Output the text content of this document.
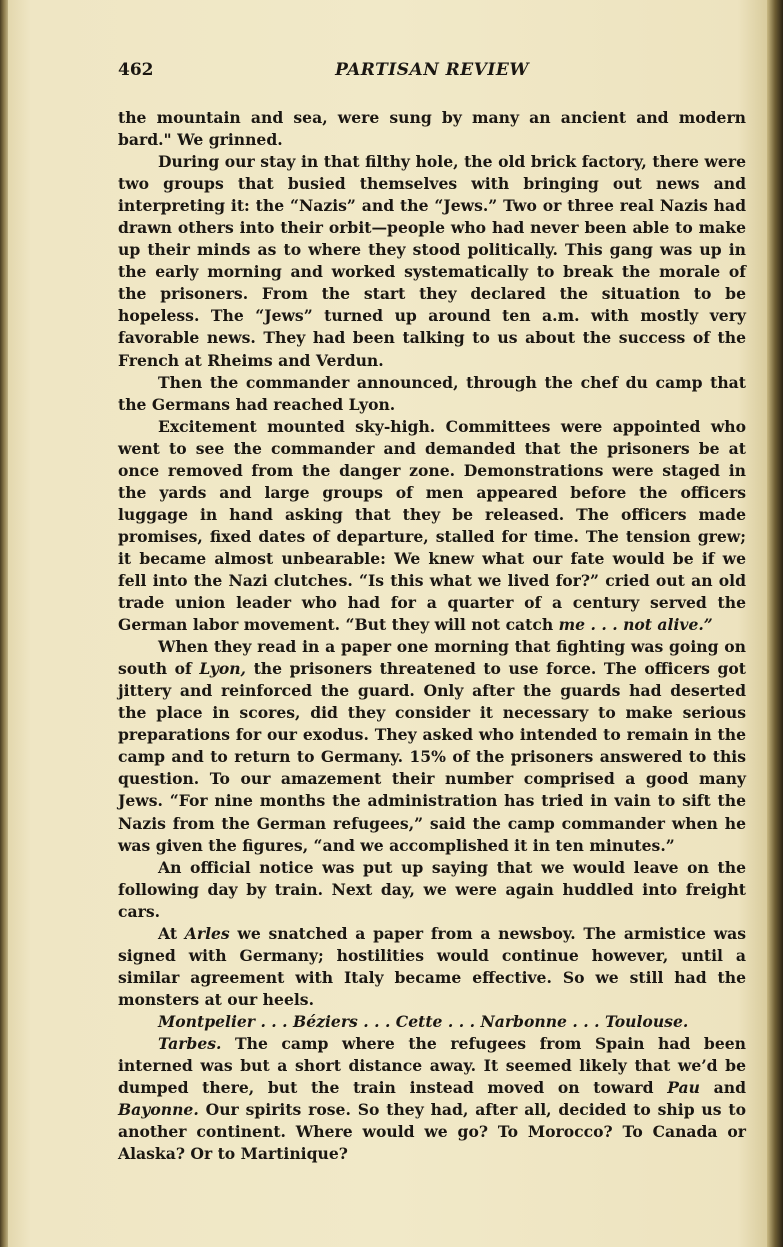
462	PARTISAN REVIEW

the mountain and sea, were sung by many an ancient and modern bard." We grinned.

During our stay in that filthy hole, the old brick factory, there were two groups that busied themselves with bringing out news and interpreting it: the “Nazis” and the “Jews.” Two or three real Nazis had drawn others into their orbit—people who had never been able to make up their minds as to where they stood politically. This gang was up in the early morning and worked systematically to break the morale of the prisoners. From the start they declared the situation to be hopeless. The “Jews” turned up around ten a.m. with mostly very favorable news. They had been talking to us about the success of the French at Rheims and Verdun.

Then the commander announced, through the chef du camp that the Germans had reached Lyon.

Excitement mounted sky-high. Committees were appointed who went to see the commander and demanded that the prisoners be at once removed from the danger zone. Demonstrations were staged in the yards and large groups of men appeared before the officers luggage in hand asking that they be released. The officers made promises, fixed dates of departure, stalled for time. The tension grew; it became almost unbearable: We knew what our fate would be if we fell into the Nazi clutches. “Is this what we lived for?” cried out an old trade union leader who had for a quarter of a century served the German labor movement. “But they will not catch me . . . not alive.”

When they read in a paper one morning that fighting was going on south of Lyon, the prisoners threatened to use force. The officers got jittery and reinforced the guard. Only after the guards had deserted the place in scores, did they consider it necessary to make serious preparations for our exodus. They asked who intended to remain in the camp and to return to Germany. 15% of the prisoners answered to this question. To our amazement their number comprised a good many Jews. “For nine months the administration has tried in vain to sift the Nazis from the German refugees,” said the camp commander when he was given the figures, “and we accomplished it in ten minutes.”

An official notice was put up saying that we would leave on the following day by train. Next day, we were again huddled into freight cars.

At Arles we snatched a paper from a newsboy. The armistice was signed with Germany; hostilities would continue however, until a similar agreement with Italy became effective. So we still had the monsters at our heels.

Montpelier . . . Béziers . . . Cette . . . Narbonne . . . Toulouse.

Tarbes. The camp where the refugees from Spain had been interned was but a short distance away. It seemed likely that we’d be dumped there, but the train instead moved on toward Pau and Bayonne. Our spirits rose. So they had, after all, decided to ship us to another continent. Where would we go? To Morocco? To Canada or Alaska? Or to Martinique?
